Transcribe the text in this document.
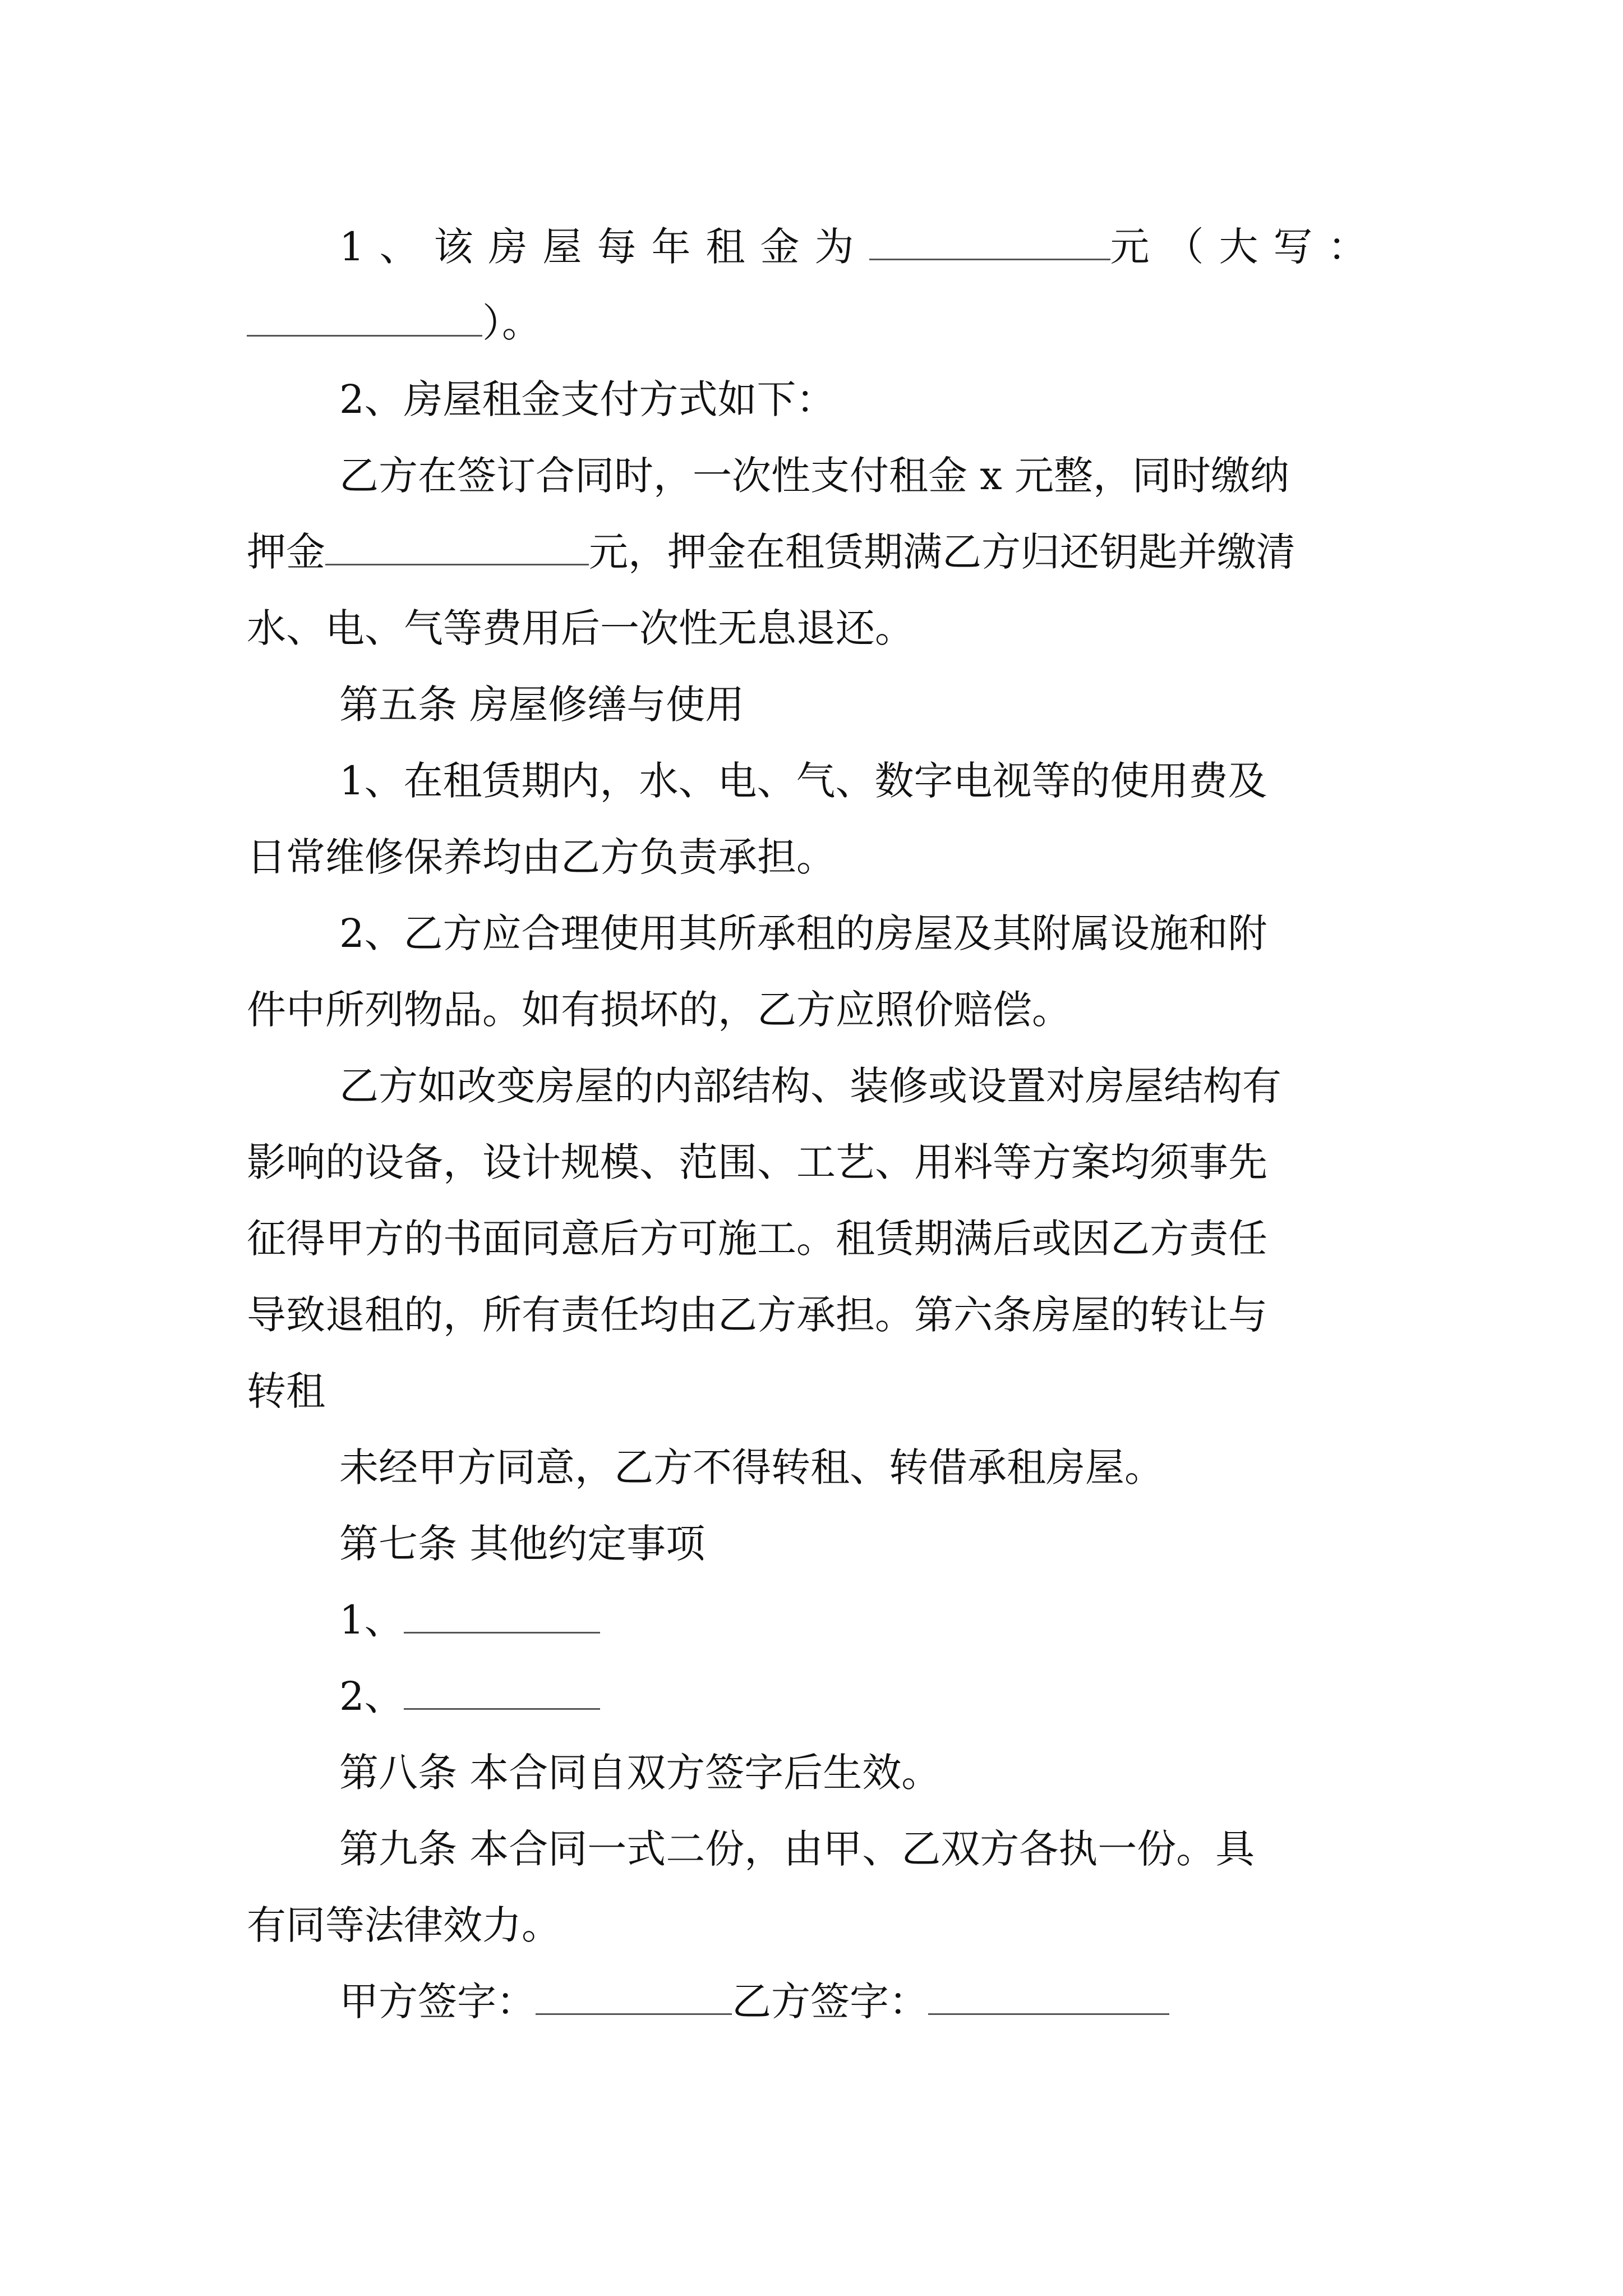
1、该房屋每年租金为	元（大写：
）。
2、房屋租金支付方式如下：
乙方在签订合同时，一次性支付租金 x 元整，同时缴纳
押金	元，押金在租赁期满乙方归还钥匙并缴清
水、电、气等费用后一次性无息退还。
第五条 房屋修缮与使用
1、在租赁期内，水、电、气、数字电视等的使用费及
日常维修保养均由乙方负责承担。
2、乙方应合理使用其所承租的房屋及其附属设施和附
件中所列物品。如有损坏的，乙方应照价赔偿。
乙方如改变房屋的内部结构、装修或设置对房屋结构有
影响的设备，设计规模、范围、工艺、用料等方案均须事先
征得甲方的书面同意后方可施工。租赁期满后或因乙方责任
导致退租的，所有责任均由乙方承担。第六条房屋的转让与
转租
未经甲方同意，乙方不得转租、转借承租房屋。
第七条 其他约定事项
1、
2、
第八条 本合同自双方签字后生效。
第九条 本合同一式二份，由甲、乙双方各执一份。具
有同等法律效力。
甲方签字：	乙方签字：
